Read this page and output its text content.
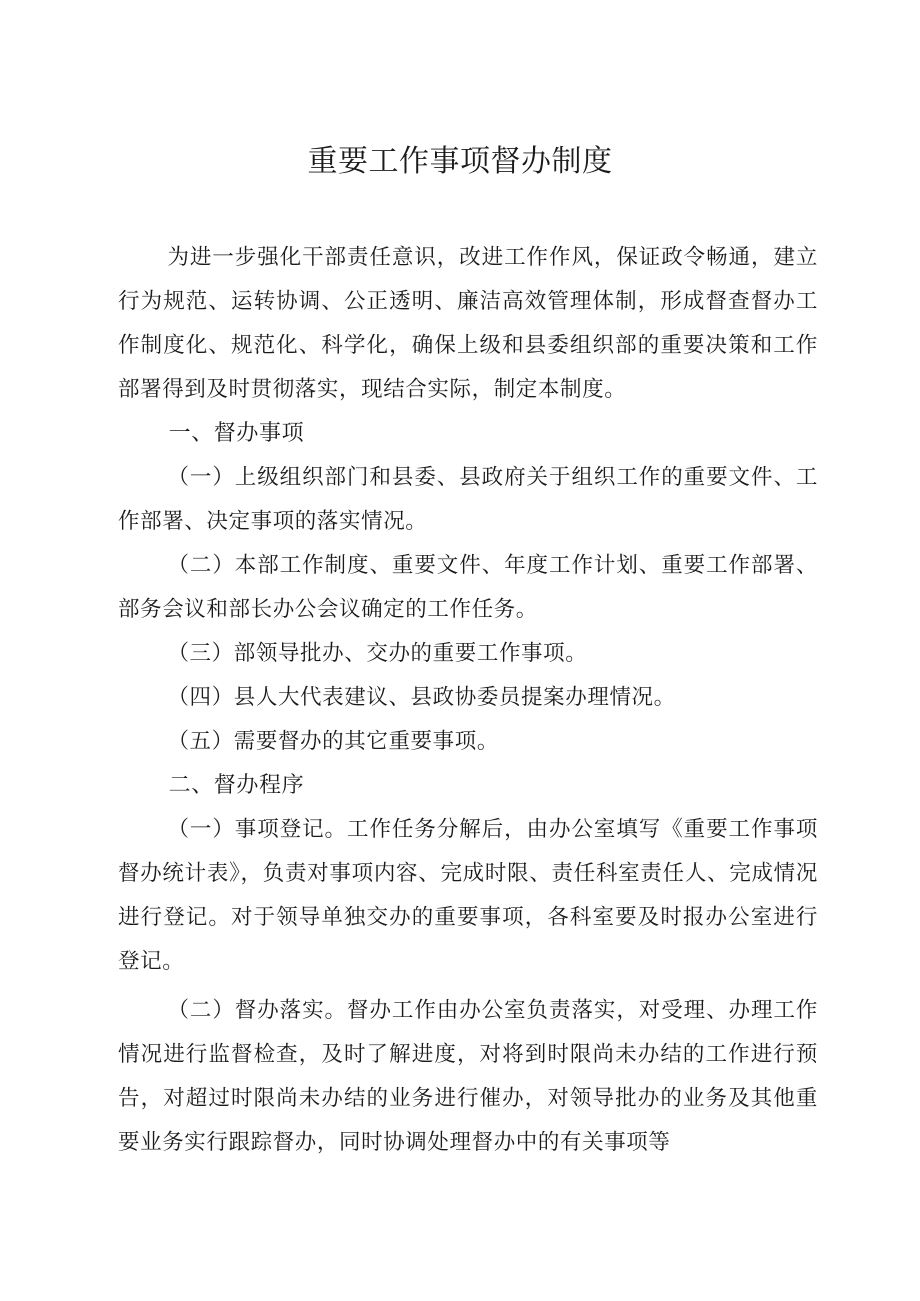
重要工作事项督办制度

为进一步强化干部责任意识，改进工作作风，保证政令畅通，建立行为规范、运转协调、公正透明、廉洁高效管理体制，形成督查督办工作制度化、规范化、科学化，确保上级和县委组织部的重要决策和工作部署得到及时贯彻落实，现结合实际，制定本制度。

一、督办事项

（一）上级组织部门和县委、县政府关于组织工作的重要文件、工作部署、决定事项的落实情况。

（二）本部工作制度、重要文件、年度工作计划、重要工作部署、部务会议和部长办公会议确定的工作任务。

（三）部领导批办、交办的重要工作事项。

（四）县人大代表建议、县政协委员提案办理情况。

（五）需要督办的其它重要事项。

二、督办程序

（一）事项登记。工作任务分解后，由办公室填写《重要工作事项督办统计表》，负责对事项内容、完成时限、责任科室责任人、完成情况进行登记。对于领导单独交办的重要事项，各科室要及时报办公室进行登记。

（二）督办落实。督办工作由办公室负责落实，对受理、办理工作情况进行监督检查，及时了解进度，对将到时限尚未办结的工作进行预告，对超过时限尚未办结的业务进行催办，对领导批办的业务及其他重要业务实行跟踪督办，同时协调处理督办中的有关事项等
